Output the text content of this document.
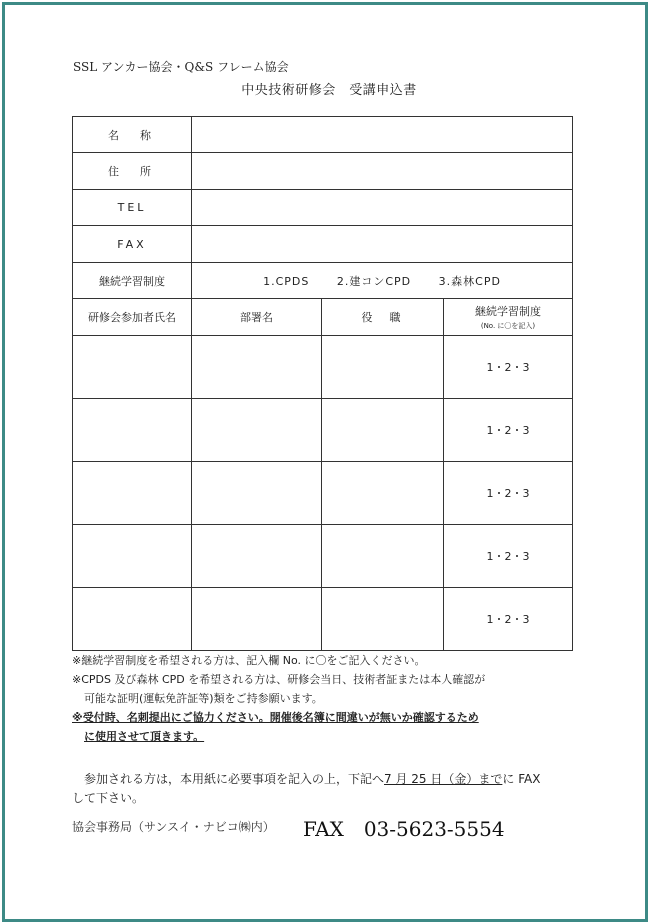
SSL アンカー協会・Q&S フレーム協会
中央技術研修会　受講申込書
名　称			
住　所			
TEL			
FAX			
継続学習制度	1.CPDS 2.建コンCPD 3.森林CPD		
研修会参加者氏名	部署名	役　職	継続学習制度
(No. に〇を記入)

			1・2・3
			1・2・3
			1・2・3
			1・2・3
			1・2・3
※継続学習制度を希望される方は、記入欄 No. に〇をご記入ください。
※CPDS 及び森林 CPD を希望される方は、研修会当日、技術者証または本人確認が
可能な証明(運転免許証等)類をご持参願います。
※受付時、名刺提出にご協力ください。開催後名簿に間違いが無いか確認するため
に使用させて頂きます。
参加される方は，本用紙に必要事項を記入の上，下記へ7 月 25 日（金）までに FAX
して下さい。
協会事務局（サンスイ・ナビコ㈱内） FAX　03-5623-5554
